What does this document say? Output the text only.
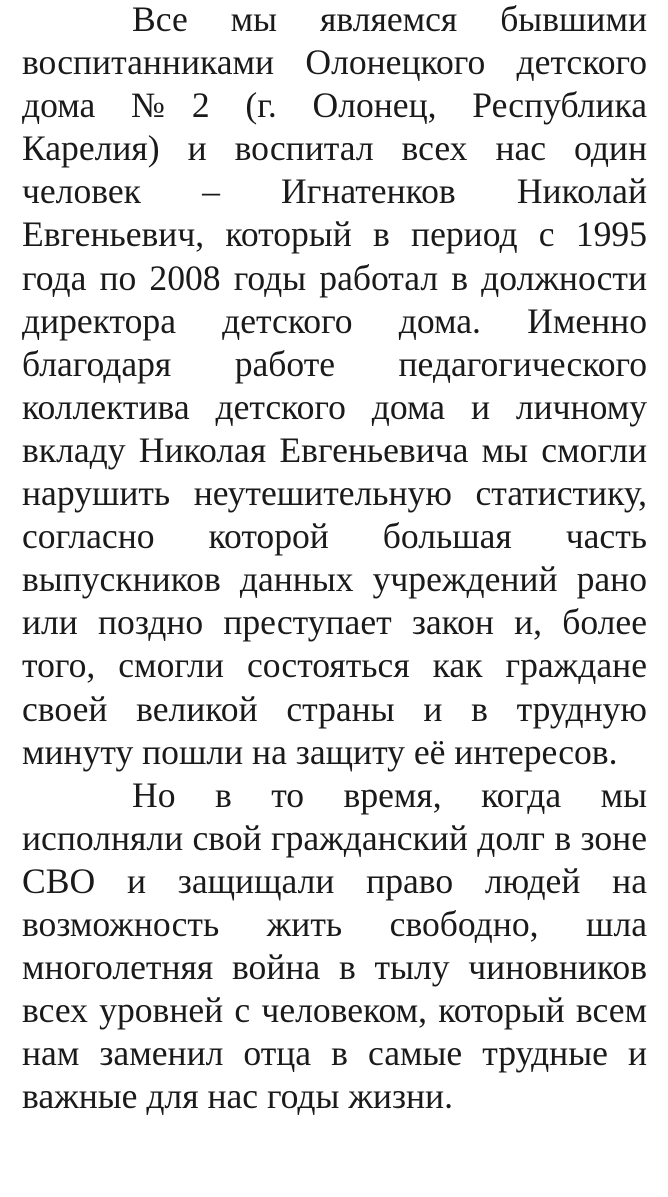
Все мы являемся бывшими воспитанниками Олонецкого детского дома №2 (г. Олонец, Республика Карелия) и воспитал всех нас один человек – Игнатенков Николай Евгеньевич, который в период с 1995 года по 2008 годы работал в должности директора детского дома. Именно благодаря работе педагогического коллектива детского дома и личному вкладу Николая Евгеньевича мы смогли нарушить неутешительную статистику, согласно которой большая часть выпускников данных учреждений рано или поздно преступает закон и, более того, смогли состояться как граждане своей великой страны и в трудную минуту пошли на защиту её интересов.

Но в то время, когда мы исполняли свой гражданский долг в зоне СВО и защищали право людей на возможность жить свободно, шла многолетняя война в тылу чиновников всех уровней с человеком, который всем нам заменил отца в самые трудные и важные для нас годы жизни.
